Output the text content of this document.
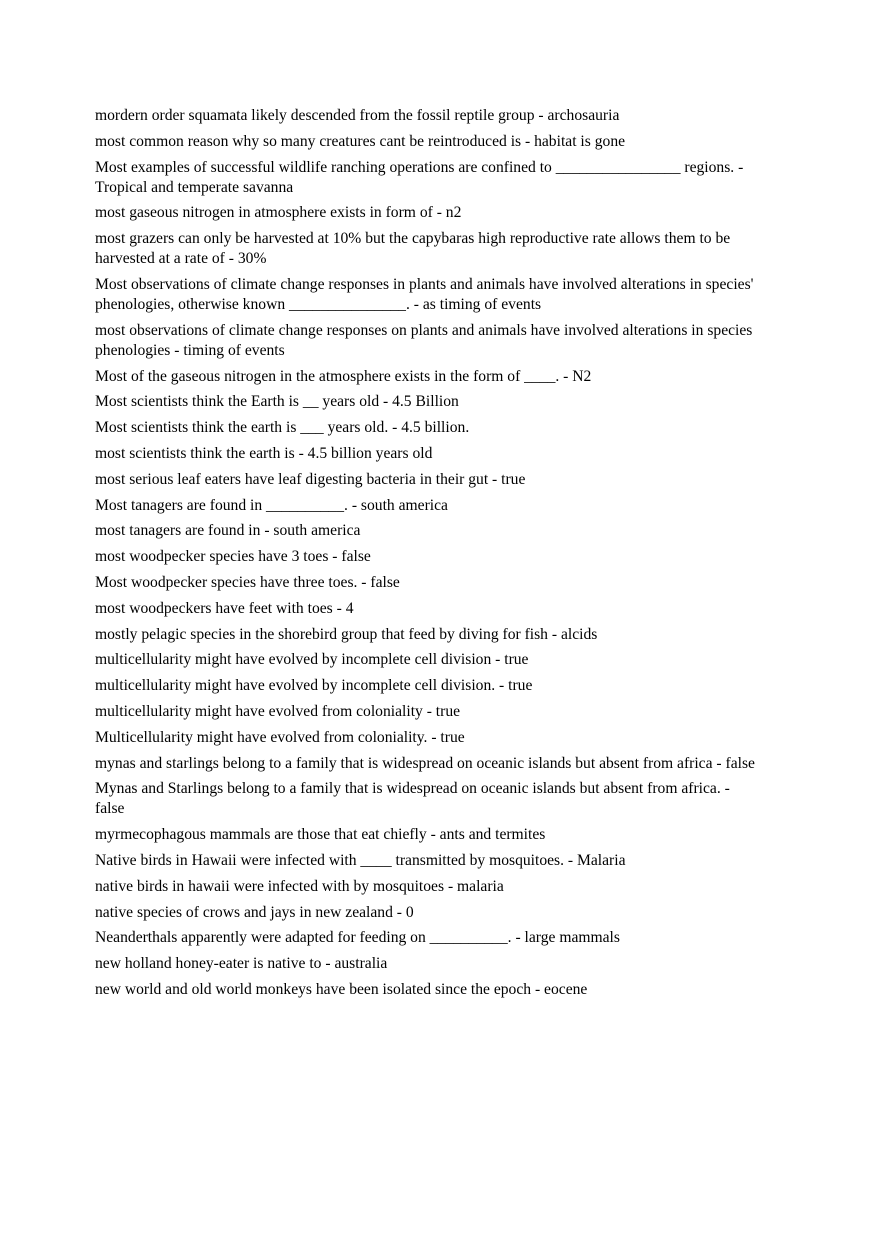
mordern order squamata likely descended from the fossil reptile group - archosauria
most common reason why so many creatures cant be reintroduced is - habitat is gone
Most examples of successful wildlife ranching operations are confined to ________________ regions. - Tropical and temperate savanna
most gaseous nitrogen in atmosphere exists in form of - n2
most grazers can only be harvested at 10% but the capybaras high reproductive rate allows them to be harvested at a rate of - 30%
Most observations of climate change responses in plants and animals have involved alterations in species' phenologies, otherwise known _______________. - as timing of events
most observations of climate change responses on plants and animals have involved alterations in species phenologies - timing of events
Most of the gaseous nitrogen in the atmosphere exists in the form of ____. - N2
Most scientists think the Earth is __ years old - 4.5 Billion
Most scientists think the earth is ___ years old. - 4.5 billion.
most scientists think the earth is - 4.5 billion years old
most serious leaf eaters have leaf digesting bacteria in their gut - true
Most tanagers are found in __________. - south america
most tanagers are found in - south america
most woodpecker species have 3 toes - false
Most woodpecker species have three toes. - false
most woodpeckers have feet with toes - 4
mostly pelagic species in the shorebird group that feed by diving for fish - alcids
multicellularity might have evolved by incomplete cell division - true
multicellularity might have evolved by incomplete cell division. - true
multicellularity might have evolved from coloniality - true
Multicellularity might have evolved from coloniality. - true
mynas and starlings belong to a family that is widespread on oceanic islands but absent from africa - false
Mynas and Starlings belong to a family that is widespread on oceanic islands but absent from africa. - false
myrmecophagous mammals are those that eat chiefly - ants and termites
Native birds in Hawaii were infected with ____ transmitted by mosquitoes. - Malaria
native birds in hawaii were infected with by mosquitoes - malaria
native species of crows and jays in new zealand - 0
Neanderthals apparently were adapted for feeding on __________. - large mammals
new holland honey-eater is native to - australia
new world and old world monkeys have been isolated since the epoch - eocene
